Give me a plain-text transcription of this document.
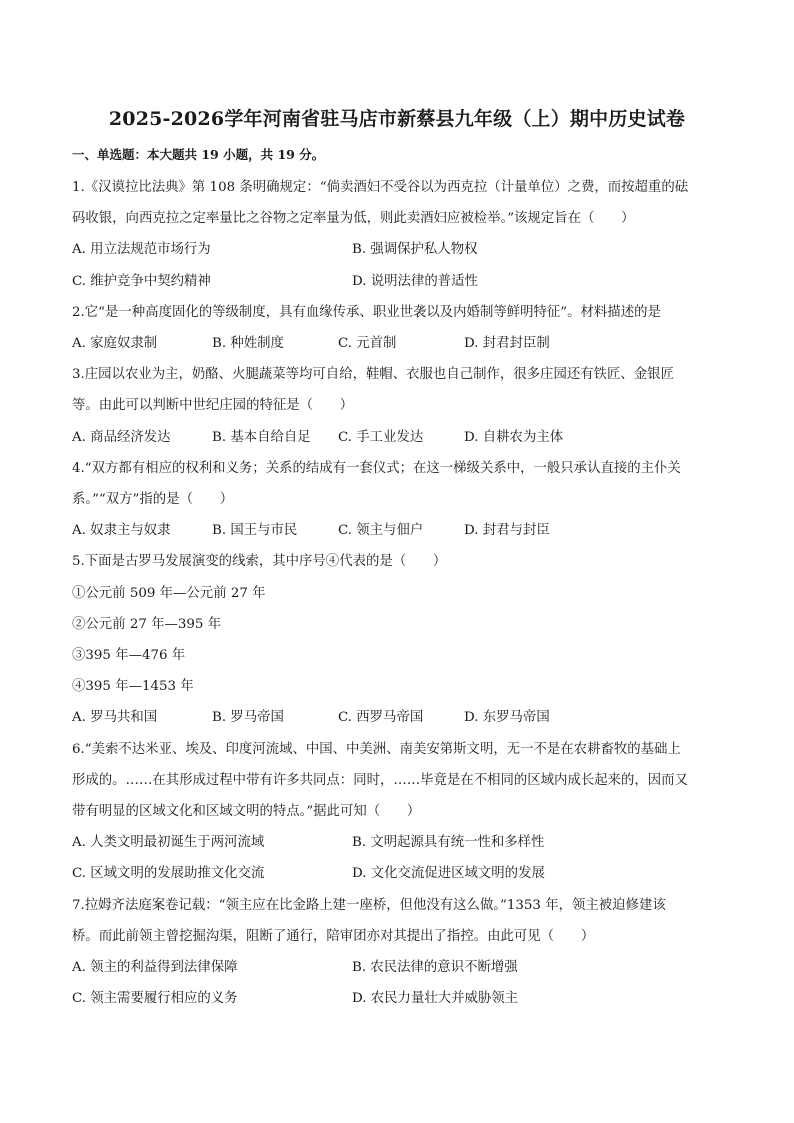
2025-2026学年河南省驻马店市新蔡县九年级（上）期中历史试卷
一、单选题：本大题共 19 小题，共 19 分。
1.《汉谟拉比法典》第 108 条明确规定：“倘卖酒妇不受谷以为西克拉（计量单位）之费，而按超重的砝
码收银，向西克拉之定率量比之谷物之定率量为低，则此卖酒妇应被检举。”该规定旨在（　　）
A. 用立法规范市场行为	B. 强调保护私人物权
C. 维护竞争中契约精神	D. 说明法律的普适性
2.它“是一种高度固化的等级制度，具有血缘传承、职业世袭以及内婚制等鲜明特征”。材料描述的是
A. 家庭奴隶制	B. 种姓制度	C. 元首制	D. 封君封臣制
3.庄园以农业为主，奶酪、火腿蔬菜等均可自给，鞋帽、衣服也自己制作，很多庄园还有铁匠、金银匠
等。由此可以判断中世纪庄园的特征是（　　）
A. 商品经济发达	B. 基本自给自足	C. 手工业发达	D. 自耕农为主体
4.“双方都有相应的权利和义务；关系的结成有一套仪式；在这一梯级关系中，一般只承认直接的主仆关
系。”“双方”指的是（　　）
A. 奴隶主与奴隶	B. 国王与市民	C. 领主与佃户	D. 封君与封臣
5.下面是古罗马发展演变的线索，其中序号④代表的是（　　）
①公元前 509 年—公元前 27 年
②公元前 27 年—395 年
③395 年—476 年
④395 年—1453 年
A. 罗马共和国	B. 罗马帝国	C. 西罗马帝国	D. 东罗马帝国
6.“美索不达米亚、埃及、印度河流域、中国、中美洲、南美安第斯文明，无一不是在农耕畜牧的基础上
形成的。……在其形成过程中带有许多共同点：同时，……毕竟是在不相同的区域内成长起来的，因而又
带有明显的区域文化和区域文明的特点。”据此可知（　　）
A. 人类文明最初诞生于两河流域	B. 文明起源具有统一性和多样性
C. 区域文明的发展助推文化交流	D. 文化交流促进区域文明的发展
7.拉姆齐法庭案卷记载：“领主应在比金路上建一座桥，但他没有这么做。”1353 年，领主被迫修建该
桥。而此前领主曾挖掘沟渠，阻断了通行，陪审团亦对其提出了指控。由此可见（　　）
A. 领主的利益得到法律保障	B. 农民法律的意识不断增强
C. 领主需要履行相应的义务	D. 农民力量壮大并威胁领主
